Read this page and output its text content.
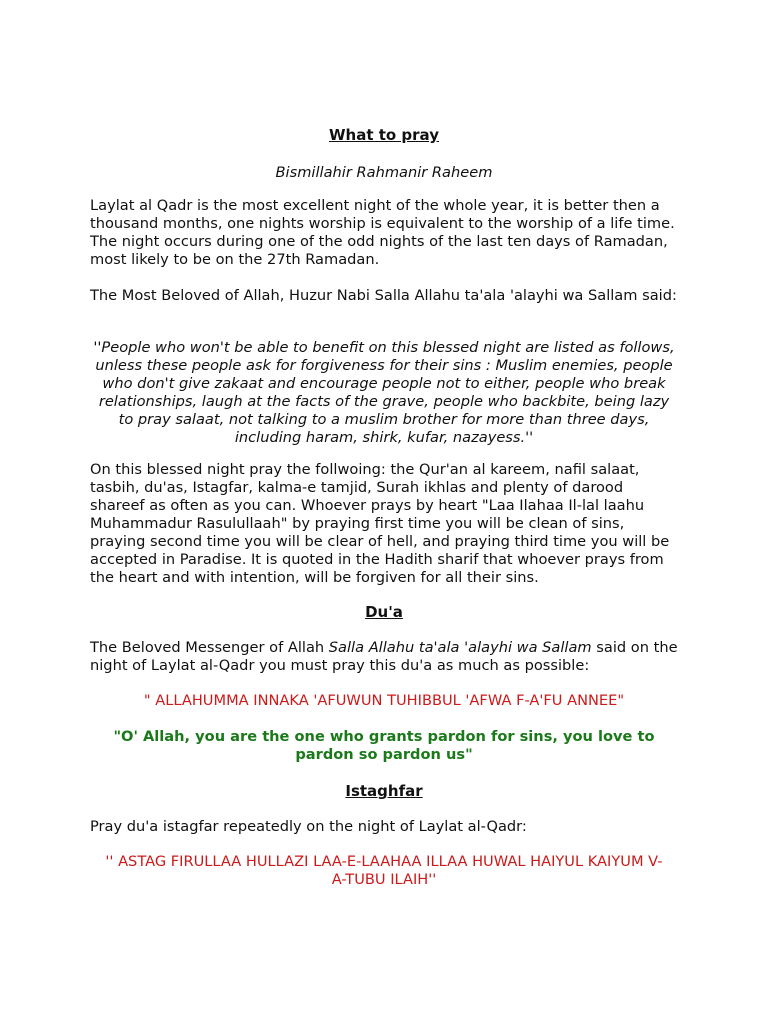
What to pray

Bismillahir Rahmanir Raheem

Laylat al Qadr is the most excellent night of the whole year, it is better then a thousand months, one nights worship is equivalent to the worship of a life time. The night occurs during one of the odd nights of the last ten days of Ramadan, most likely to be on the 27th Ramadan.

The Most Beloved of Allah, Huzur Nabi Salla Allahu ta'ala 'alayhi wa Sallam said:

''People who won't be able to benefit on this blessed night are listed as follows, unless these people ask for forgiveness for their sins : Muslim enemies, people who don't give zakaat and encourage people not to either, people who break relationships, laugh at the facts of the grave, people who backbite, being lazy to pray salaat, not talking to a muslim brother for more than three days, including haram, shirk, kufar, nazayess.''

On this blessed night pray the follwoing: the Qur'an al kareem, nafil salaat, tasbih, du'as, Istagfar, kalma-e tamjid, Surah ikhlas and plenty of darood shareef as often as you can. Whoever prays by heart "Laa Ilahaa Il-lal laahu Muhammadur Rasulullaah" by praying first time you will be clean of sins, praying second time you will be clear of hell, and praying third time you will be accepted in Paradise. It is quoted in the Hadith sharif that whoever prays from the heart and with intention, will be forgiven for all their sins.

Du'a

The Beloved Messenger of Allah Salla Allahu ta'ala 'alayhi wa Sallam said on the night of Laylat al-Qadr you must pray this du'a as much as possible:

" ALLAHUMMA INNAKA 'AFUWUN TUHIBBUL 'AFWA F-A'FU ANNEE"

"O' Allah, you are the one who grants pardon for sins, you love to pardon so pardon us"

Istaghfar

Pray du'a istagfar repeatedly on the night of Laylat al-Qadr:

'' ASTAG FIRULLAA HULLAZI LAA-E-LAAHAA ILLAA HUWAL HAIYUL KAIYUM V-A-TUBU ILAIH''
